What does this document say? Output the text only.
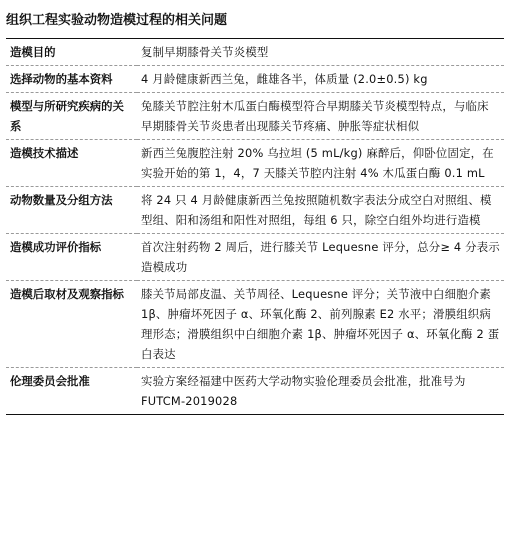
组织工程实验动物造模过程的相关问题
造模目的	复制早期膝骨关节炎模型
选择动物的基本资料	4 月龄健康新西兰兔，雌雄各半，体质量 (2.0±0.5) kg
模型与所研究疾病的关系	兔膝关节腔注射木瓜蛋白酶模型符合早期膝关节炎模型特点，与临床早期膝骨关节炎患者出现膝关节疼痛、肿胀等症状相似
造模技术描述	新西兰兔腹腔注射 20% 乌拉坦 (5 mL/kg) 麻醉后，仰卧位固定，在实验开始的第 1，4，7 天膝关节腔内注射 4% 木瓜蛋白酶 0.1 mL
动物数量及分组方法	将 24 只 4 月龄健康新西兰兔按照随机数字表法分成空白对照组、模型组、阳和汤组和阳性对照组，每组 6 只，除空白组外均进行造模
造模成功评价指标	首次注射药物 2 周后，进行膝关节 Lequesne 评分，总分≥ 4 分表示造模成功
造模后取材及观察指标	膝关节局部皮温、关节周径、Lequesne 评分；关节液中白细胞介素 1β、肿瘤坏死因子 α、环氧化酶 2、前列腺素 E2 水平；滑膜组织病理形态；滑膜组织中白细胞介素 1β、肿瘤坏死因子 α、环氧化酶 2 蛋白表达
伦理委员会批准	实验方案经福建中医药大学动物实验伦理委员会批准，批准号为 FUTCM-2019028
